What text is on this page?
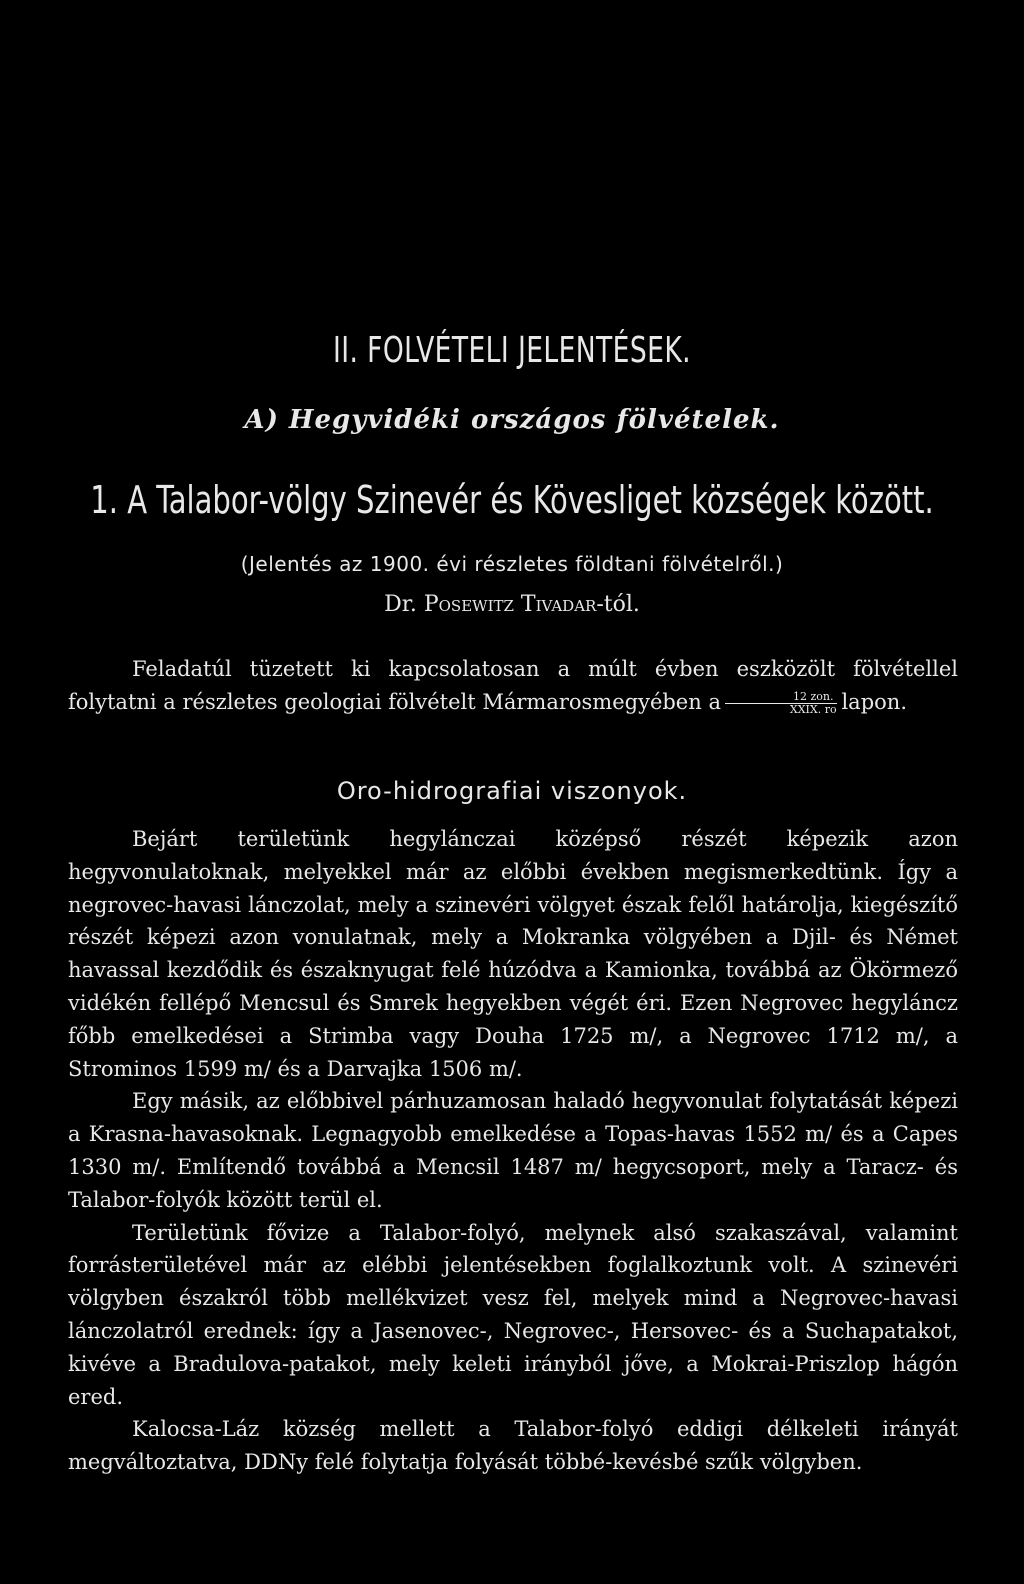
II. FOLVÉTELI JELENTÉSEK.
A) Hegyvidéki országos fölvételek.
1. A Talabor-völgy Szinevér és Kövesliget községek között.
(Jelentés az 1900. évi részletes földtani fölvételről.)
Dr. Posewitz Tivadar-tól.

Feladatúl tüzetett ki kapcsolatosan a múlt évben eszközölt fölvétellel folytatni a részletes geologiai fölvételt Mármarosmegyében a $\frac{\text{12 zon.}}{\text{XXIX. ro}}$ lapon.

Oro-hidrografiai viszonyok.

Bejárt területünk hegylánczai középső részét képezik azon hegyvonulatoknak, melyekkel már az előbbi években megismerkedtünk. Így a negrovec-havasi lánczolat, mely a szinevéri völgyet észak felől határolja, kiegészítő részét képezi azon vonulatnak, mely a Mokranka völgyében a Djil- és Német havassal kezdődik és északnyugat felé húzódva a Kamionka, továbbá az Ökörmező vidékén fellépő Mencsul és Smrek hegyekben végét éri. Ezen Negrovec hegyláncz főbb emelkedései a Strimba vagy Douha 1725 m/, a Negrovec 1712 m/, a Strominos 1599 m/ és a Darvajka 1506 m/.

Egy másik, az előbbivel párhuzamosan haladó hegyvonulat folytatását képezi a Krasna-havasoknak. Legnagyobb emelkedése a Topas-havas 1552 m/ és a Capes 1330 m/. Említendő továbbá a Mencsil 1487 m/ hegycsoport, mely a Taracz- és Talabor-folyók között terül el.

Területünk fővize a Talabor-folyó, melynek alsó szakaszával, valamint forrásterületével már az elébbi jelentésekben foglalkoztunk volt. A szinevéri völgyben északról több mellékvizet vesz fel, melyek mind a Negrovec-havasi lánczolatról erednek: így a Jasenovec-, Negrovec-, Hersovec- és a Suchapatakot, kivéve a Bradulova-patakot, mely keleti irányból jőve, a Mokrai-Priszlop hágón ered.

Kalocsa-Láz község mellett a Talabor-folyó eddigi délkeleti irányát megváltoztatva, DDNy felé folytatja folyását többé-kevésbé szűk völgyben.
